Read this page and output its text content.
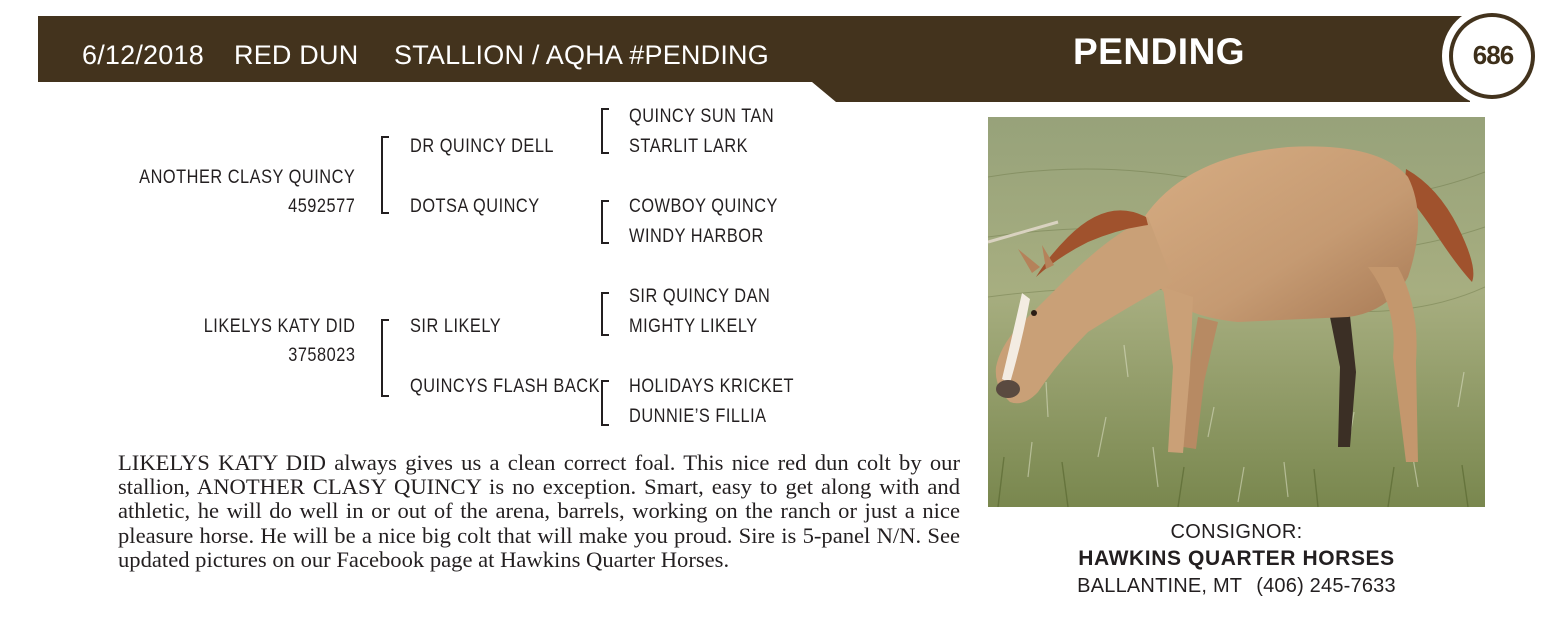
6/12/2018 RED DUN STALLION / AQHA #PENDING	PENDING	686
ANOTHER CLASY QUINCY
4592577
DR QUINCY DELL
DOTSA QUINCY
QUINCY SUN TAN
STARLIT LARK
COWBOY QUINCY
WINDY HARBOR
LIKELYS KATY DID
3758023
SIR LIKELY
QUINCYS FLASH BACK
SIR QUINCY DAN
MIGHTY LIKELY
HOLIDAYS KRICKET
DUNNIE’S FILLIA
LIKELYS KATY DID always gives us a clean correct foal. This nice red dun colt by our stallion, ANOTHER CLASY QUINCY is no exception. Smart, easy to get along with and athletic, he will do well in or out of the arena, barrels, working on the ranch or just a nice pleasure horse. He will be a nice big colt that will make you proud. Sire is 5-panel N/N. See updated pictures on our Facebook page at Hawkins Quarter Horses.
CONSIGNOR:
HAWKINS QUARTER HORSES
BALLANTINE, MT (406) 245-7633
